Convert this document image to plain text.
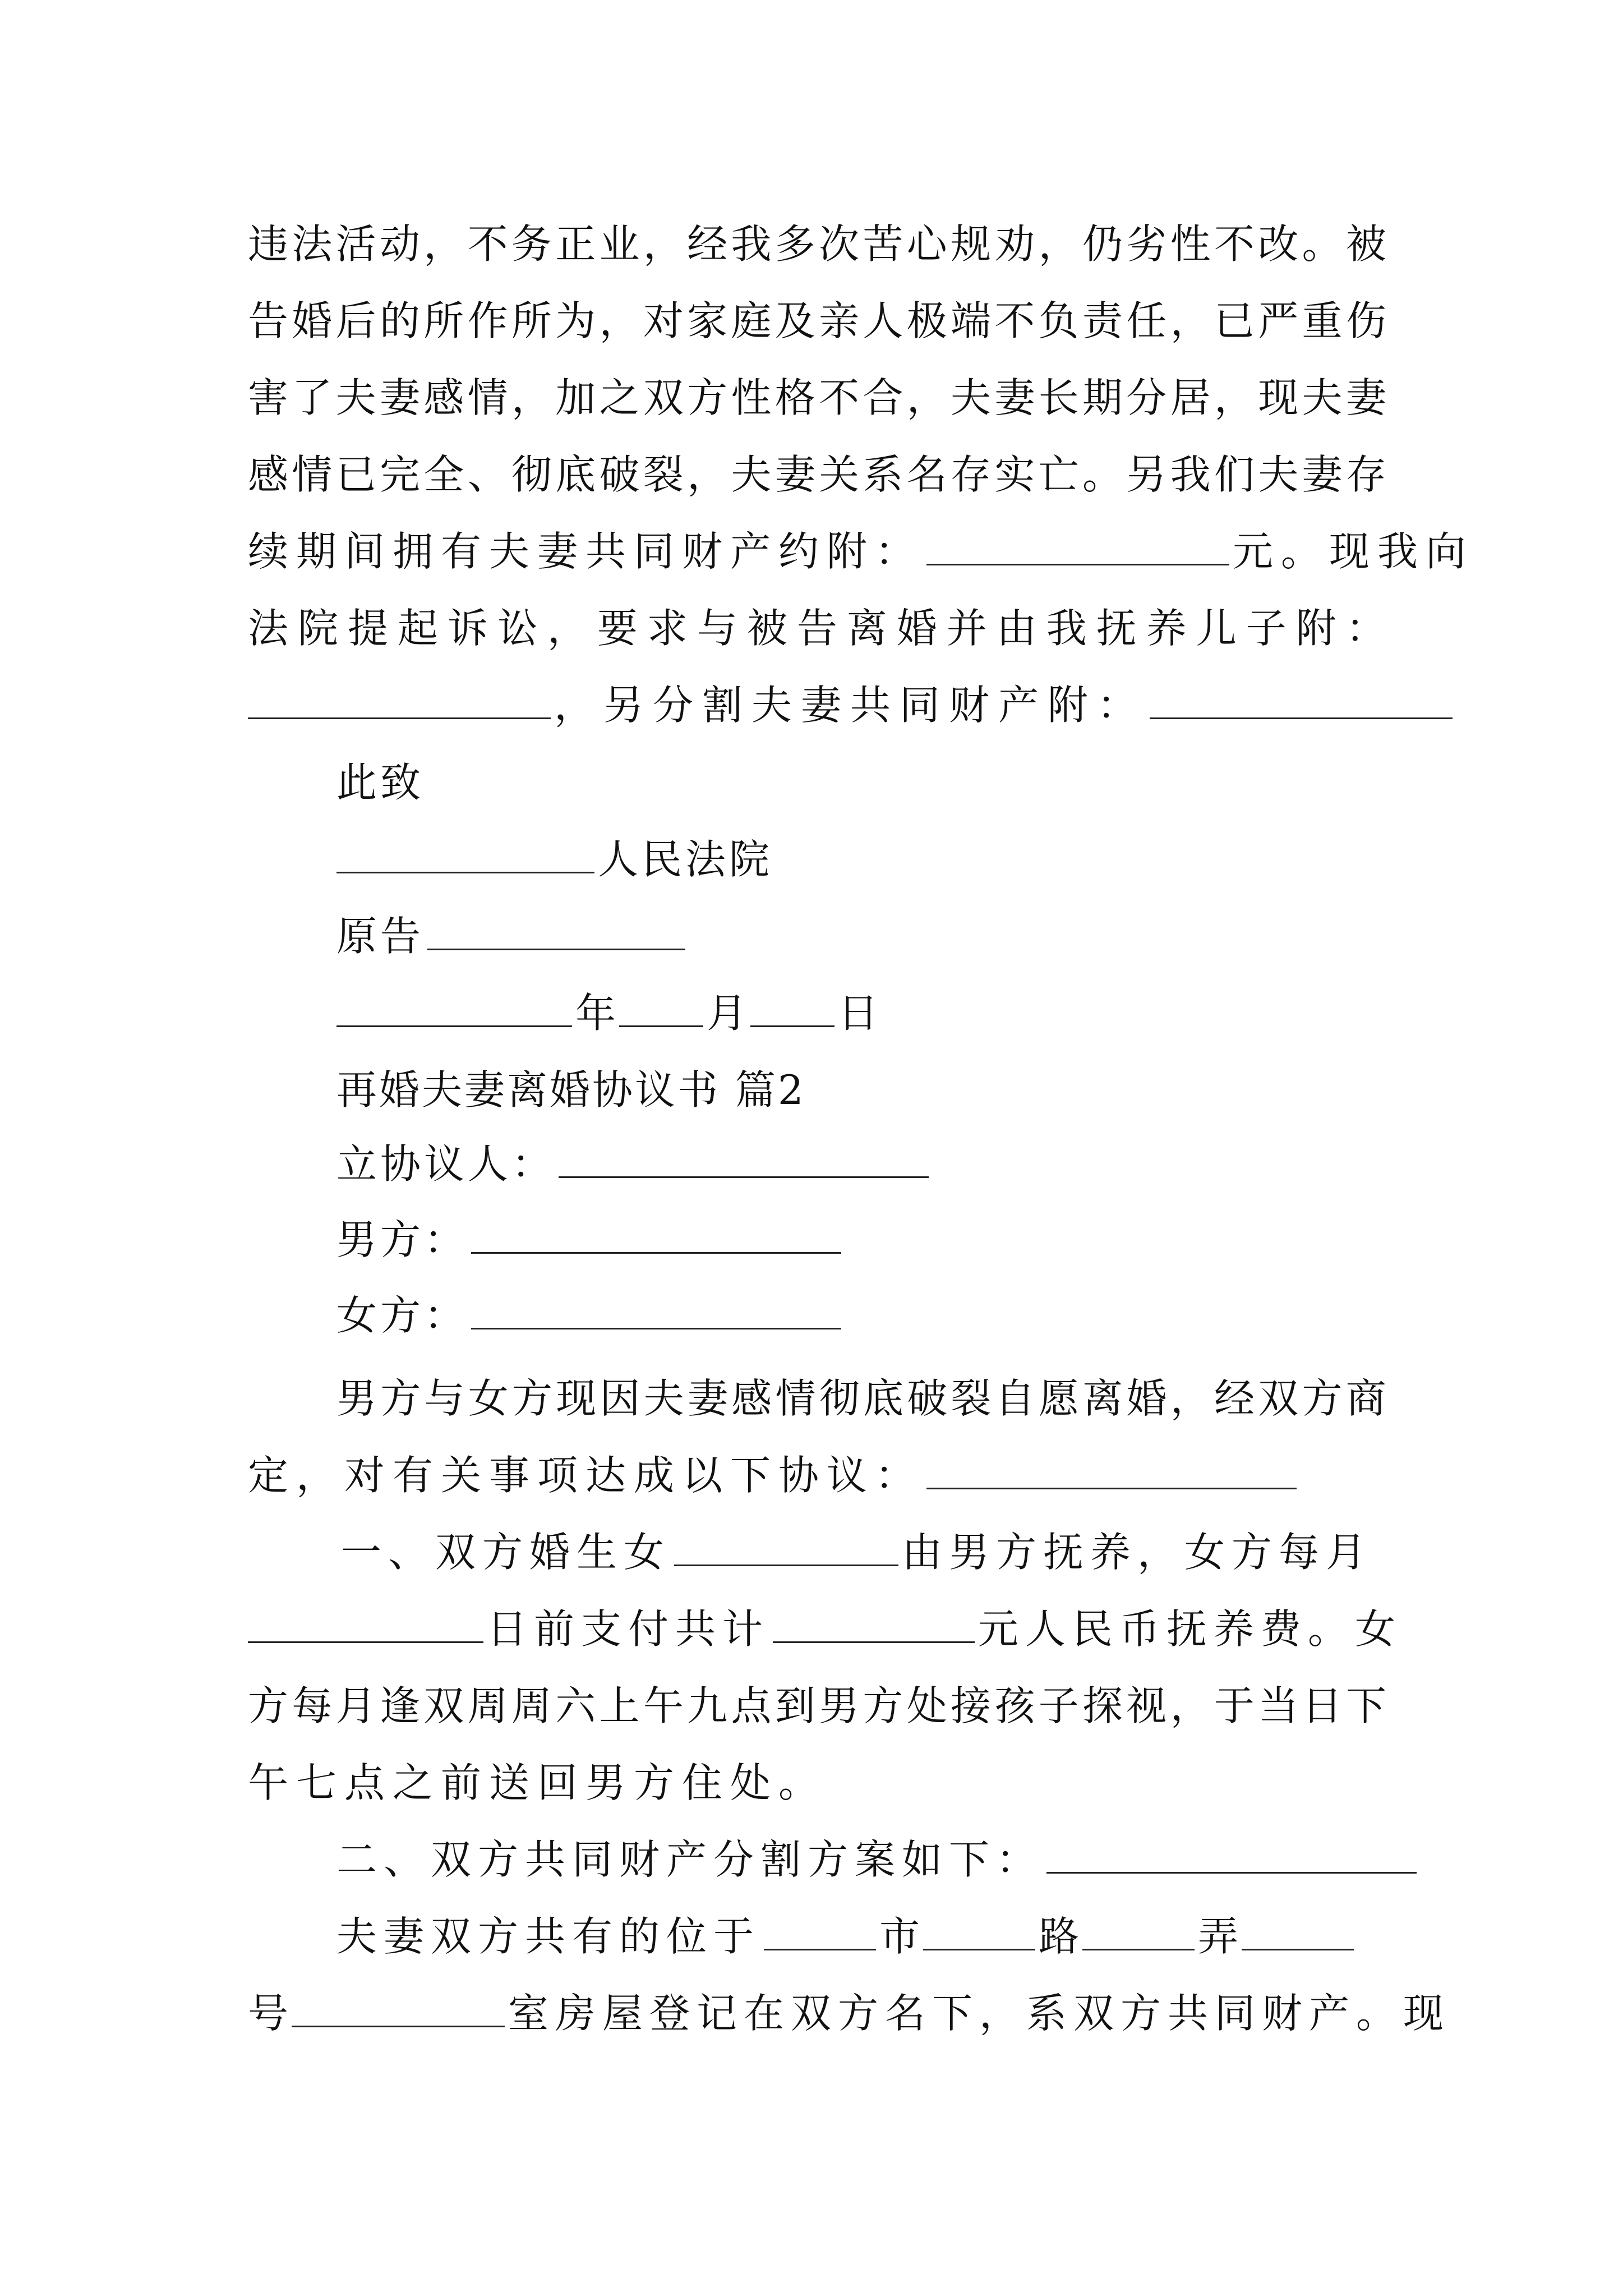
违 法 活 动 ， 不 务 正 业 ， 经 我 多 次 苦 心 规 劝 ， 仍 劣 性 不 改 。 被
告 婚 后 的 所 作 所 为 ， 对 家 庭 及 亲 人 极 端 不 负 责 任 ， 已 严 重 伤
害 了 夫 妻 感 情 ， 加 之 双 方 性 格 不 合 ， 夫 妻 长 期 分 居 ， 现 夫 妻
感 情 已 完 全 、 彻 底 破 裂 ， 夫 妻 关 系 名 存 实 亡 。 另 我 们 夫 妻 存
续期间拥有夫妻共同财产约附：	元。现我向
法 院 提 起 诉 讼 ， 要 求 与 被 告 离 婚 并 由 我 抚 养 儿 子 附 ：
，另分割夫妻共同财产附：
此致
人民法院
原告
年 月 日
再婚夫妻离婚协议书 篇2
立协议人：
男方：
女方：
男 方 与 女 方 现 因 夫 妻 感 情 彻 底 破 裂 自 愿 离 婚 ， 经 双 方 商
定，对有关事项达成以下协议：
一、双方婚生女	由男方抚养，女方每月
日前支付共计	元人民币抚养费。女
方 每 月 逢 双 周 周 六 上 午 九 点 到 男 方 处 接 孩 子 探 视 ， 于 当 日 下
午七点之前送回男方住处。
二、双方共同财产分割方案如下：
夫妻双方共有的位于	市	路	弄
号	室房屋登记在双方名下，系双方共同财产。现
